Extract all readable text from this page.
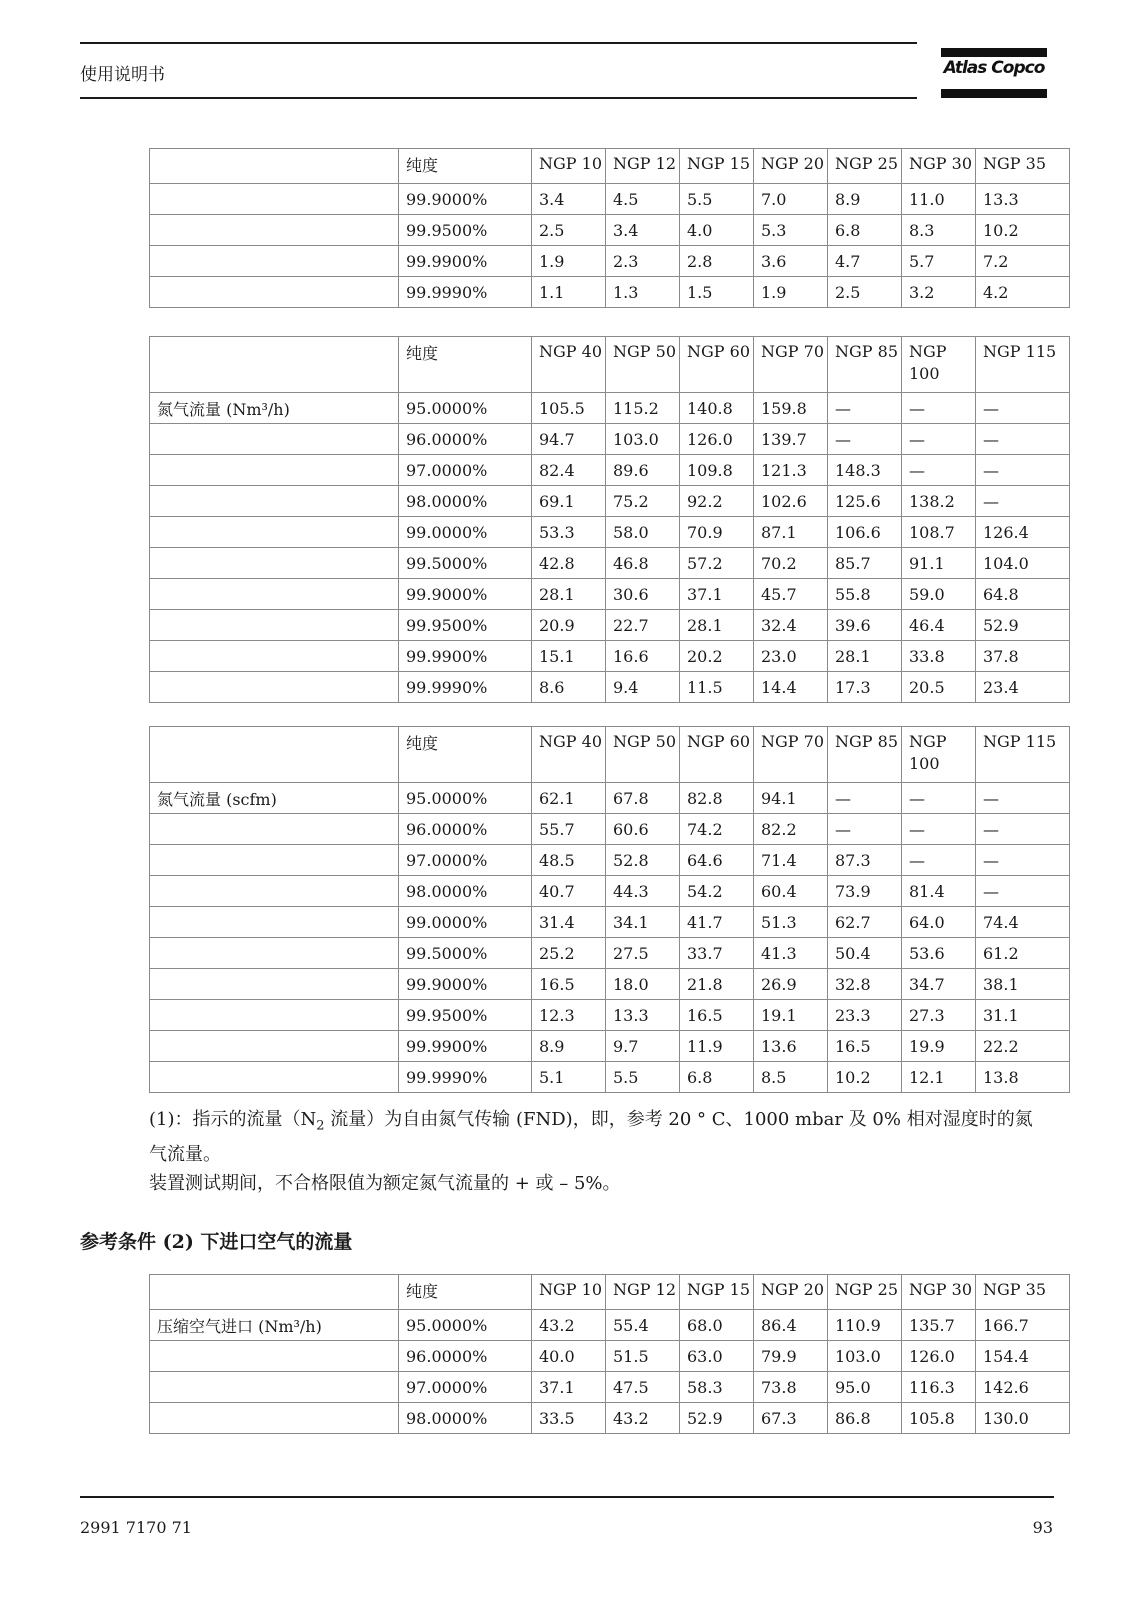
使用说明书	Atlas Copco
	纯度	NGP 10	NGP 12	NGP 15	NGP 20	NGP 25	NGP 30	NGP 35
	99.9000%	3.4	4.5	5.5	7.0	8.9	11.0	13.3
	99.9500%	2.5	3.4	4.0	5.3	6.8	8.3	10.2
	99.9900%	1.9	2.3	2.8	3.6	4.7	5.7	7.2
	99.9990%	1.1	1.3	1.5	1.9	2.5	3.2	4.2
	纯度	NGP 40	NGP 50	NGP 60	NGP 70	NGP 85	NGP 100	NGP 115
氮气流量 (Nm³/h)	95.0000%	105.5	115.2	140.8	159.8	—	—	—
	96.0000%	94.7	103.0	126.0	139.7	—	—	—
	97.0000%	82.4	89.6	109.8	121.3	148.3	—	—
	98.0000%	69.1	75.2	92.2	102.6	125.6	138.2	—
	99.0000%	53.3	58.0	70.9	87.1	106.6	108.7	126.4
	99.5000%	42.8	46.8	57.2	70.2	85.7	91.1	104.0
	99.9000%	28.1	30.6	37.1	45.7	55.8	59.0	64.8
	99.9500%	20.9	22.7	28.1	32.4	39.6	46.4	52.9
	99.9900%	15.1	16.6	20.2	23.0	28.1	33.8	37.8
	99.9990%	8.6	9.4	11.5	14.4	17.3	20.5	23.4
	纯度	NGP 40	NGP 50	NGP 60	NGP 70	NGP 85	NGP 100	NGP 115
氮气流量 (scfm)	95.0000%	62.1	67.8	82.8	94.1	—	—	—
	96.0000%	55.7	60.6	74.2	82.2	—	—	—
	97.0000%	48.5	52.8	64.6	71.4	87.3	—	—
	98.0000%	40.7	44.3	54.2	60.4	73.9	81.4	—
	99.0000%	31.4	34.1	41.7	51.3	62.7	64.0	74.4
	99.5000%	25.2	27.5	33.7	41.3	50.4	53.6	61.2
	99.9000%	16.5	18.0	21.8	26.9	32.8	34.7	38.1
	99.9500%	12.3	13.3	16.5	19.1	23.3	27.3	31.1
	99.9900%	8.9	9.7	11.9	13.6	16.5	19.9	22.2
	99.9990%	5.1	5.5	6.8	8.5	10.2	12.1	13.8
(1)：指示的流量（$N_2$ 流量）为自由氮气传输 (FND)，即，参考 20 ° C、1000 mbar 及 0% 相对湿度时的氮气流量。
装置测试期间，不合格限值为额定氮气流量的 + 或 – 5%。
参考条件 (2) 下进口空气的流量
	纯度	NGP 10	NGP 12	NGP 15	NGP 20	NGP 25	NGP 30	NGP 35
压缩空气进口 (Nm³/h)	95.0000%	43.2	55.4	68.0	86.4	110.9	135.7	166.7
	96.0000%	40.0	51.5	63.0	79.9	103.0	126.0	154.4
	97.0000%	37.1	47.5	58.3	73.8	95.0	116.3	142.6
	98.0000%	33.5	43.2	52.9	67.3	86.8	105.8	130.0
2991 7170 71	93
